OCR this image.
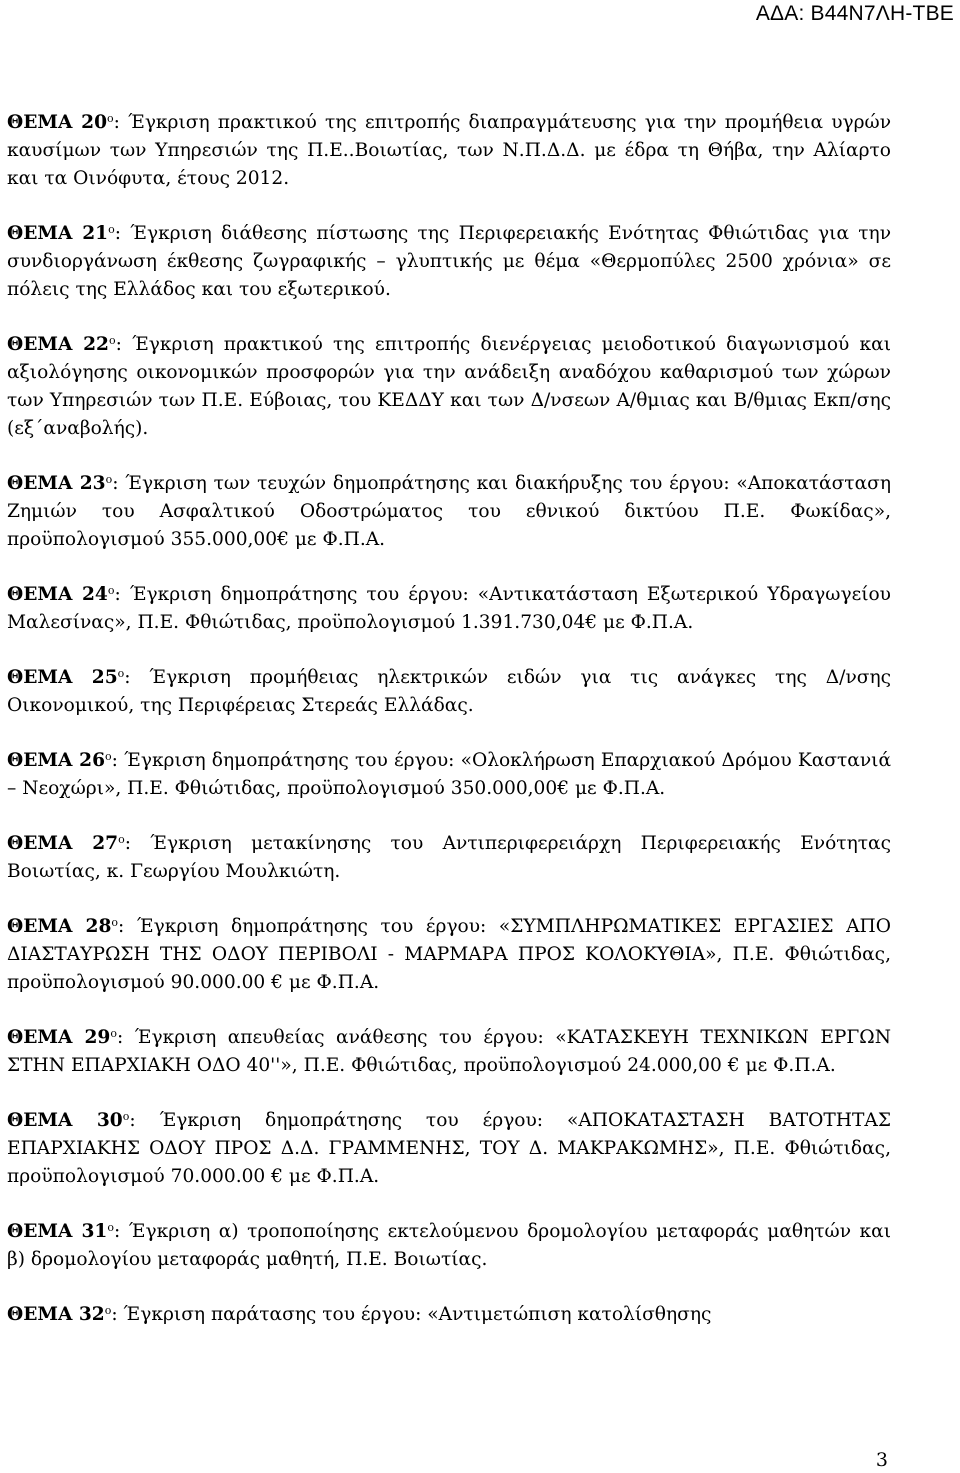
ΑΔΑ: Β44Ν7ΛΗ-ΤΒΕ

ΘΕΜΑ $20^o$: Έγκριση πρακτικού της επιτροπής διαπραγμάτευσης για την προμήθεια υγρών καυσίμων των Υπηρεσιών της Π.Ε..Βοιωτίας, των Ν.Π.Δ.Δ. με έδρα τη Θήβα, την Αλίαρτο και τα Οινόφυτα, έτους 2012.

ΘΕΜΑ $21^o$: Έγκριση διάθεσης πίστωσης της Περιφερειακής Ενότητας Φθιώτιδας για την συνδιοργάνωση έκθεσης ζωγραφικής – γλυπτικής με θέμα «Θερμοπύλες 2500 χρόνια» σε πόλεις της Ελλάδος και του εξωτερικού.

ΘΕΜΑ $22^o$: Έγκριση πρακτικού της επιτροπής διενέργειας μειοδοτικού διαγωνισμού και αξιολόγησης οικονομικών προσφορών για την ανάδειξη αναδόχου καθαρισμού των χώρων των Υπηρεσιών των Π.Ε. Εύβοιας, του ΚΕΔΔΥ και των Δ/νσεων Α/θμιας και Β/θμιας Εκπ/σης (εξ΄αναβολής).

ΘΕΜΑ $23^o$: Έγκριση των τευχών δημοπράτησης και διακήρυξης του έργου: «Αποκατάσταση Ζημιών του Ασφαλτικού Οδοστρώματος του εθνικού δικτύου Π.Ε. Φωκίδας», προϋπολογισμού 355.000,00€ με Φ.Π.Α.

ΘΕΜΑ $24^o$: Έγκριση δημοπράτησης του έργου: «Αντικατάσταση Εξωτερικού Υδραγωγείου Μαλεσίνας», Π.Ε. Φθιώτιδας, προϋπολογισμού 1.391.730,04€ με Φ.Π.Α.

ΘΕΜΑ $25^o$: Έγκριση προμήθειας ηλεκτρικών ειδών για τις ανάγκες της Δ/νσης Οικονομικού, της Περιφέρειας Στερεάς Ελλάδας.

ΘΕΜΑ $26^o$: Έγκριση δημοπράτησης του έργου: «Ολοκλήρωση Επαρχιακού Δρόμου Καστανιά – Νεοχώρι», Π.Ε. Φθιώτιδας, προϋπολογισμού 350.000,00€ με Φ.Π.Α.

ΘΕΜΑ $27^o$: Έγκριση μετακίνησης του Αντιπεριφερειάρχη Περιφερειακής Ενότητας Βοιωτίας, κ. Γεωργίου Μουλκιώτη.

ΘΕΜΑ $28^o$: Έγκριση δημοπράτησης του έργου: «ΣΥΜΠΛΗΡΩΜΑΤΙΚΕΣ ΕΡΓΑΣΙΕΣ ΑΠΟ ΔΙΑΣΤΑΥΡΩΣΗ ΤΗΣ ΟΔΟΥ ΠΕΡΙΒΟΛΙ - ΜΑΡΜΑΡΑ ΠΡΟΣ ΚΟΛΟΚΥΘΙΑ», Π.Ε. Φθιώτιδας, προϋπολογισμού 90.000.00 € με Φ.Π.Α.

ΘΕΜΑ $29^o$: Έγκριση απευθείας ανάθεσης του έργου: «ΚΑΤΑΣΚΕΥΗ ΤΕΧΝΙΚΩΝ ΕΡΓΩΝ ΣΤΗΝ ΕΠΑΡΧΙΑΚΗ ΟΔΟ 40''», Π.Ε. Φθιώτιδας, προϋπολογισμού 24.000,00 € με Φ.Π.Α.

ΘΕΜΑ $30^o$: Έγκριση δημοπράτησης του έργου: «ΑΠΟΚΑΤΑΣΤΑΣΗ ΒΑΤΟΤΗΤΑΣ ΕΠΑΡΧΙΑΚΗΣ ΟΔΟΥ ΠΡΟΣ Δ.Δ. ΓΡΑΜΜΕΝΗΣ, ΤΟΥ Δ. ΜΑΚΡΑΚΩΜΗΣ», Π.Ε. Φθιώτιδας, προϋπολογισμού 70.000.00 € με Φ.Π.Α.

ΘΕΜΑ $31^o$: Έγκριση α) τροποποίησης εκτελούμενου δρομολογίου μεταφοράς μαθητών και β) δρομολογίου μεταφοράς μαθητή, Π.Ε. Βοιωτίας.

ΘΕΜΑ $32^o$: Έγκριση παράτασης του έργου: «Αντιμετώπιση κατολίσθησης

3
